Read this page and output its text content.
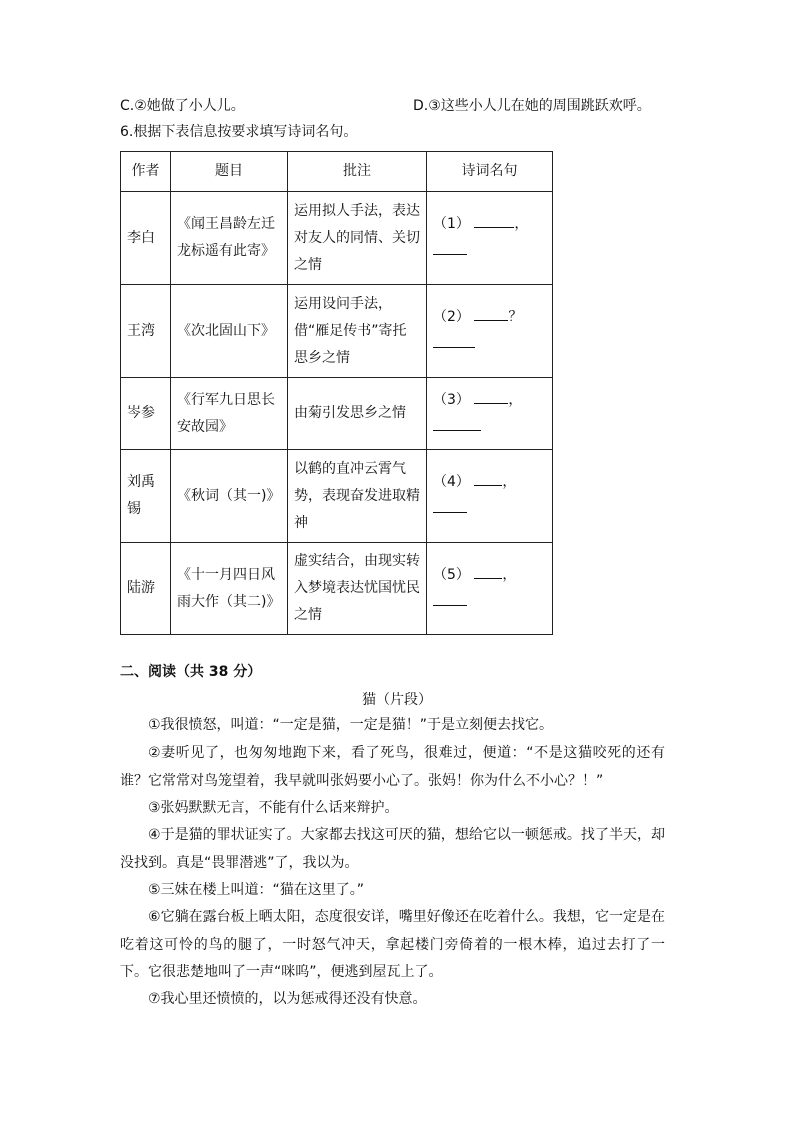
C.②她做了小人儿。	D.③这些小人儿在她的周围跳跃欢呼。
6.根据下表信息按要求填写诗词名句。
作者	题目	批注	诗词名句
李白	《闻王昌龄左迁龙标遥有此寄》	运用拟人手法，表达对友人的同情、关切之情	（1） ，

王湾	《次北固山下》	运用设问手法，借“雁足传书”寄托思乡之情	（2） ？

岑参	《行军九日思长安故园》	由菊引发思乡之情	（3） ，

刘禹锡	《秋词（其一)》	以鹤的直冲云霄气势，表现奋发进取精神	（4） ，

陆游	《十一月四日风雨大作（其二)》	虚实结合，由现实转入梦境表达忧国忧民之情	（5） ，

二、阅读（共 38 分）
猫（片段）
①我很愤怒，叫道：“一定是猫，一定是猫！”于是立刻便去找它。
②妻听见了，也匆匆地跑下来，看了死鸟，很难过，便道：“不是这猫咬死的还有谁？它常常对鸟笼望着，我早就叫张妈要小心了。张妈！你为什么不小心？！”
③张妈默默无言，不能有什么话来辩护。
④于是猫的罪状证实了。大家都去找这可厌的猫，想给它以一顿惩戒。找了半天，却没找到。真是“畏罪潜逃”了，我以为。
⑤三妹在楼上叫道：“猫在这里了。”
⑥它躺在露台板上晒太阳，态度很安详，嘴里好像还在吃着什么。我想，它一定是在吃着这可怜的鸟的腿了，一时怒气冲天，拿起楼门旁倚着的一根木棒，追过去打了一下。它很悲楚地叫了一声“咪呜”，便逃到屋瓦上了。
⑦我心里还愤愤的，以为惩戒得还没有快意。
